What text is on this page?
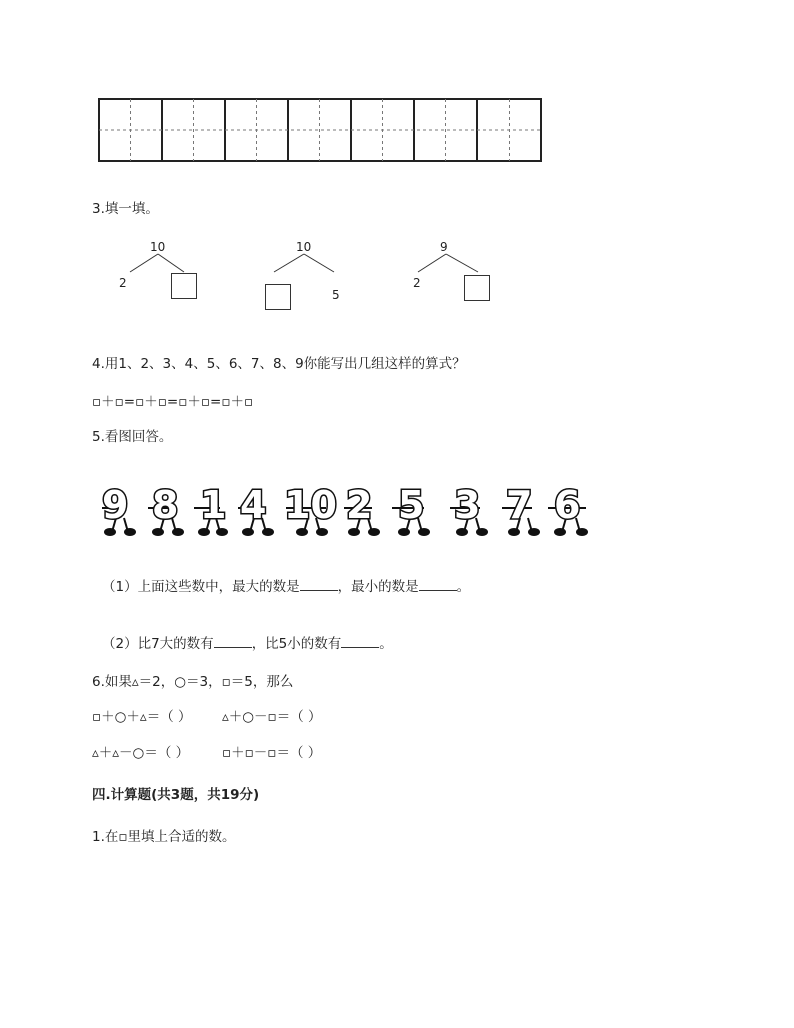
3.填一填。
10
2
10
5
9
2
4.用1、2、3、4、5、6、7、8、9你能写出几组这样的算式？
▫＋▫=▫＋▫=▫＋▫=▫＋▫
5.看图回答。
9 8 1 4 10 2 5 3 7 6
（1）上面这些数中，最大的数是	，最小的数是	。
（2）比7大的数有	，比5小的数有	。
6.如果▵＝2，○＝3，▫＝5，那么
▫＋○＋▵＝（ ） ▵＋○－▫＝（ ）
▵＋▵－○＝（ ） ▫＋▫－▫＝（ ）
四.计算题(共3题，共19分)
1.在▫里填上合适的数。
